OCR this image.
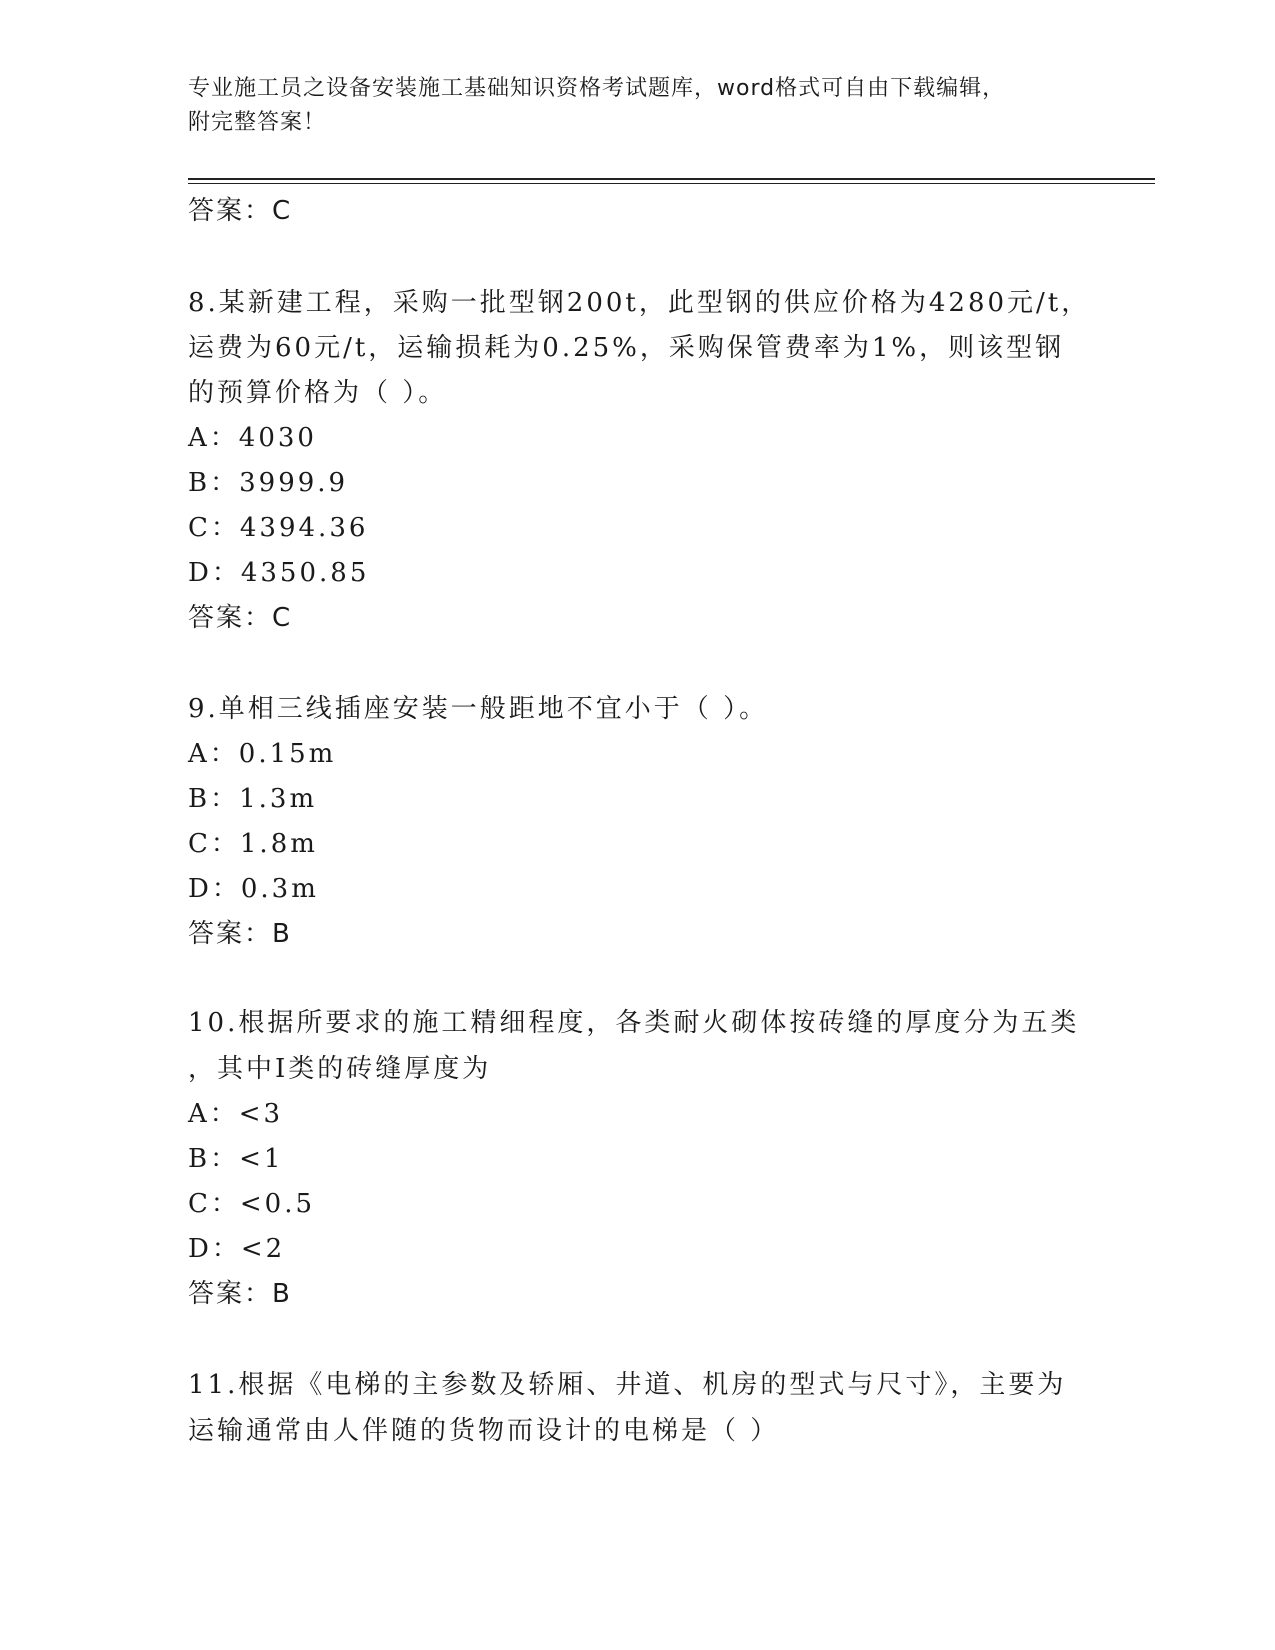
专业施工员之设备安装施工基础知识资格考试题库，word格式可自由下载编辑，
附完整答案！
答案：C
8.某新建工程，采购一批型钢200t，此型钢的供应价格为4280元/t，
运费为60元/t，运输损耗为0.25%，采购保管费率为1%，则该型钢
的预算价格为（ ）。
A：4030
B：3999.9
C：4394.36
D：4350.85
答案：C
9.单相三线插座安装一般距地不宜小于（ ）。
A：0.15m
B：1.3m
C：1.8m
D：0.3m
答案：B
10.根据所要求的施工精细程度，各类耐火砌体按砖缝的厚度分为五类
，其中Ⅰ类的砖缝厚度为
A：<3
B：<1
C：<0.5
D：<2
答案：B
11.根据《电梯的主参数及轿厢、井道、机房的型式与尺寸》，主要为
运输通常由人伴随的货物而设计的电梯是（ ）
